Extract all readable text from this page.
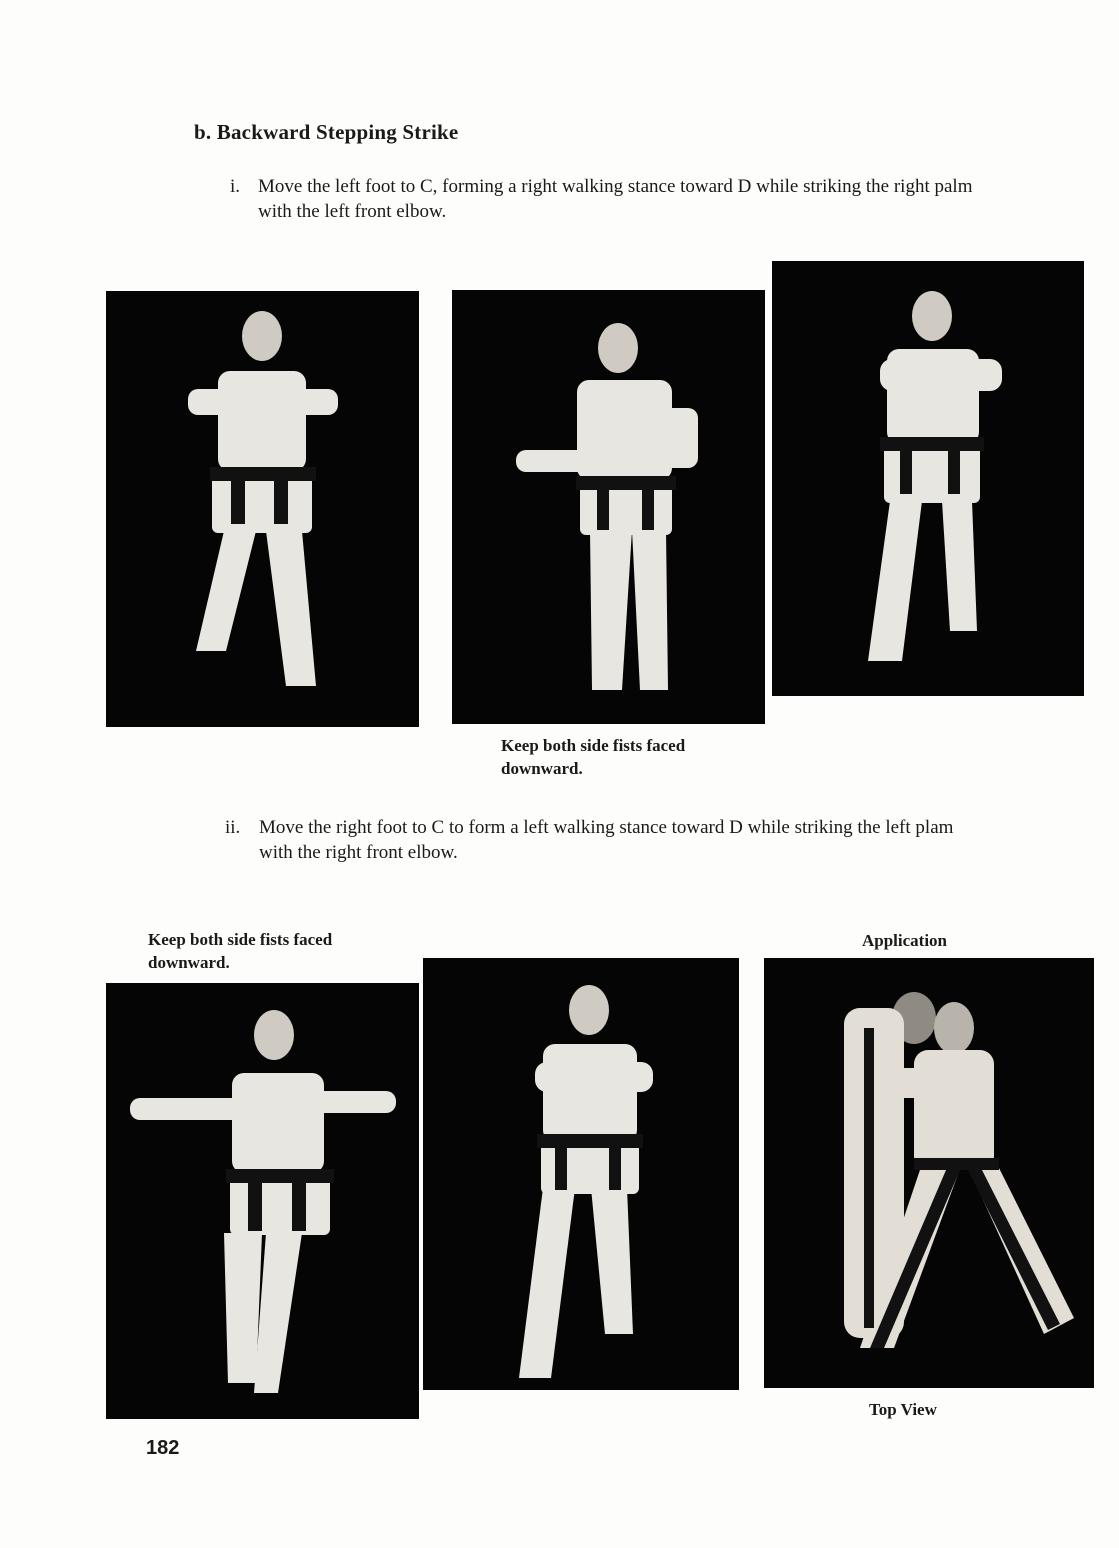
b. Backward Stepping Strike
i. Move the left foot to C, forming a right walking stance toward D while striking the right palm with the left front elbow.
Keep both side fists faced downward.
ii. Move the right foot to C to form a left walking stance toward D while striking the left plam with the right front elbow.
Keep both side fists faced downward.
Application
Top View
182
